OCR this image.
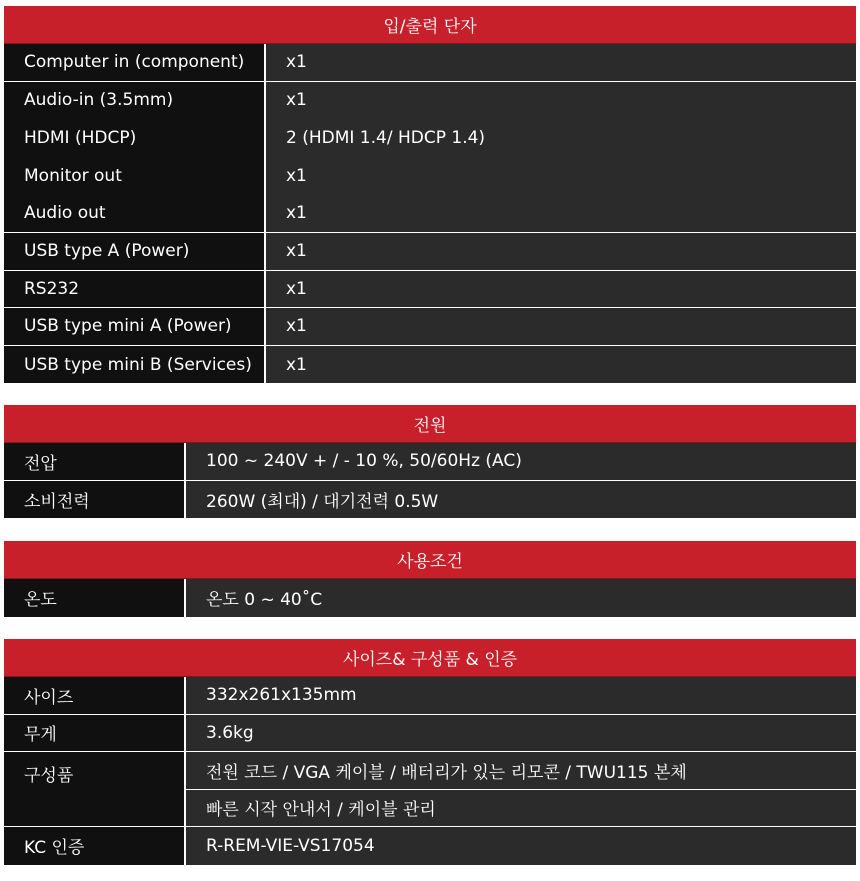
입/출력 단자
Computer in (component)	x1
Audio-in (3.5mm)	x1
HDMI (HDCP)	2 (HDMI 1.4/ HDCP 1.4)
Monitor out	x1
Audio out	x1
USB type A (Power)	x1
RS232	x1
USB type mini A (Power)	x1
USB type mini B (Services)	x1
전원
전압	100 ~ 240V + / - 10 %, 50/60Hz (AC)
소비전력	260W (최대) / 대기전력 0.5W
사용조건
온도	온도 0 ~ 40˚C
사이즈& 구성품 & 인증
사이즈	332x261x135mm
무게	3.6kg
구성품	전원 코드 / VGA 케이블 / 배터리가 있는 리모콘 / TWU115 본체
빠른 시작 안내서 / 케이블 관리
KC 인증	R-REM-VIE-VS17054
